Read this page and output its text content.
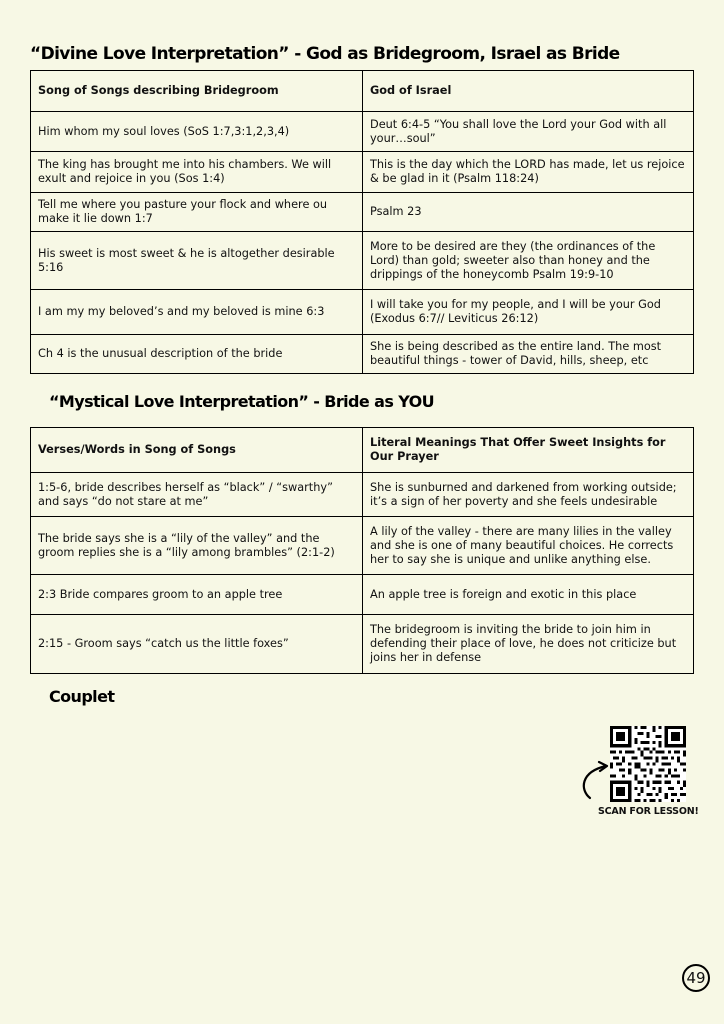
“Divine Love Interpretation” - God as Bridegroom, Israel as Bride
Song of Songs describing Bridegroom	God of Israel
Him whom my soul loves (SoS 1:7,3:1,2,3,4)	Deut 6:4-5 “You shall love the Lord your God with all your…soul”
The king has brought me into his chambers. We will exult and rejoice in you (Sos 1:4)	This is the day which the LORD has made, let us rejoice & be glad in it (Psalm 118:24)
Tell me where you pasture your flock and where ou make it lie down 1:7	Psalm 23
His sweet is most sweet & he is altogether desirable 5:16	More to be desired are they (the ordinances of the Lord) than gold; sweeter also than honey and the drippings of the honeycomb Psalm 19:9-10
I am my my beloved’s and my beloved is mine 6:3	I will take you for my people, and I will be your God (Exodus 6:7// Leviticus 26:12)
Ch 4 is the unusual description of the bride	She is being described as the entire land. The most beautiful things - tower of David, hills, sheep, etc
“Mystical Love Interpretation” - Bride as YOU
Verses/Words in Song of Songs	Literal Meanings That Offer Sweet Insights for Our Prayer
1:5-6, bride describes herself as “black” / “swarthy” and says “do not stare at me”	She is sunburned and darkened from working outside; it’s a sign of her poverty and she feels undesirable
The bride says she is a “lily of the valley” and the groom replies she is a “lily among brambles” (2:1-2)	A lily of the valley - there are many lilies in the valley and she is one of many beautiful choices. He corrects her to say she is unique and unlike anything else.
2:3 Bride compares groom to an apple tree	An apple tree is foreign and exotic in this place
2:15 - Groom says “catch us the little foxes”	The bridegroom is inviting the bride to join him in defending their place of love, he does not criticize but joins her in defense
Couplet
SCAN FOR LESSON!
49
